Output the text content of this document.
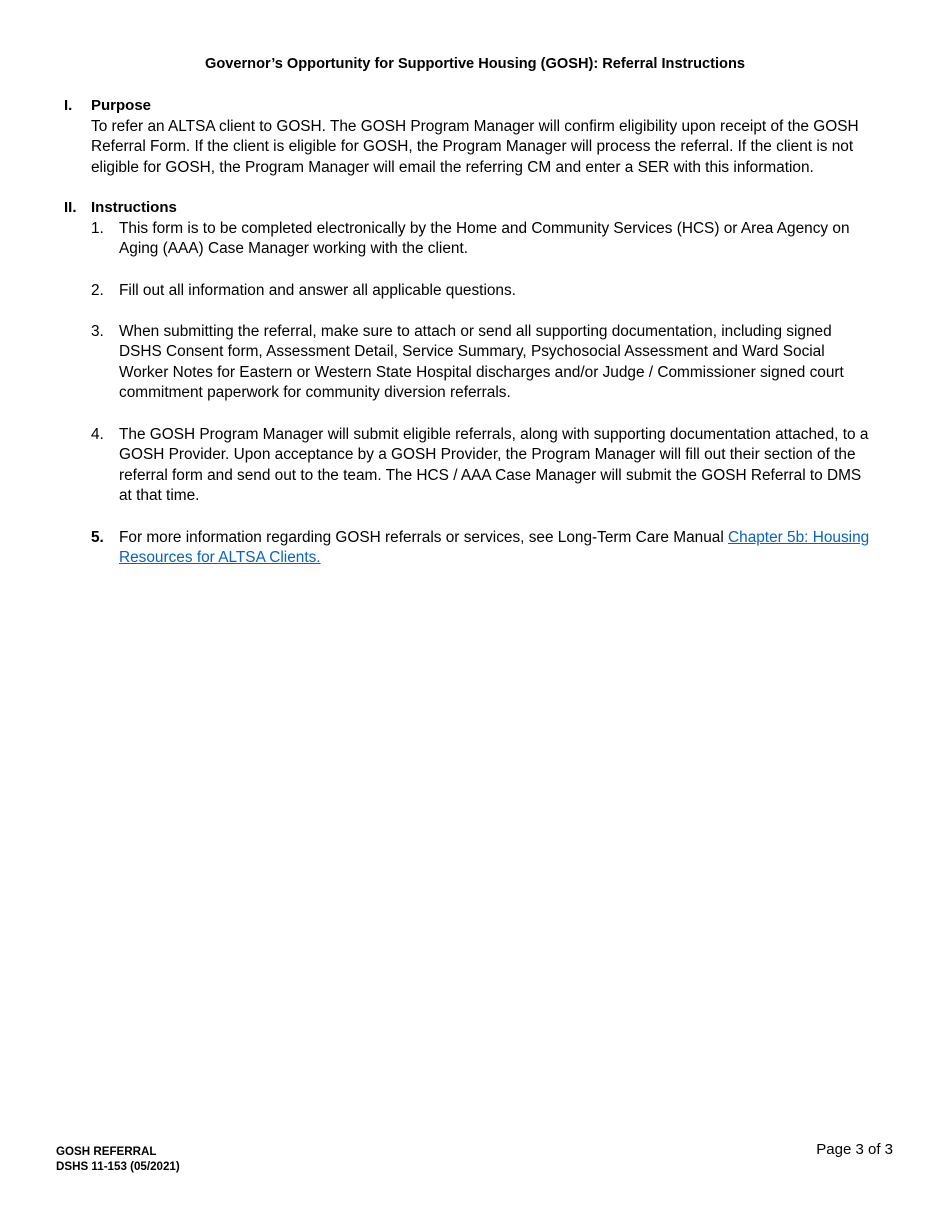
Governor’s Opportunity for Supportive Housing (GOSH): Referral Instructions
I. Purpose
To refer an ALTSA client to GOSH. The GOSH Program Manager will confirm eligibility upon receipt of the GOSH
Referral Form. If the client is eligible for GOSH, the Program Manager will process the referral. If the client is not
eligible for GOSH, the Program Manager will email the referring CM and enter a SER with this information.
II. Instructions
1. This form is to be completed electronically by the Home and Community Services (HCS) or Area Agency on
Aging (AAA) Case Manager working with the client.
2. Fill out all information and answer all applicable questions.
3. When submitting the referral, make sure to attach or send all supporting documentation, including signed
DSHS Consent form, Assessment Detail, Service Summary, Psychosocial Assessment and Ward Social
Worker Notes for Eastern or Western State Hospital discharges and/or Judge / Commissioner signed court
commitment paperwork for community diversion referrals.
4. The GOSH Program Manager will submit eligible referrals, along with supporting documentation attached, to a
GOSH Provider. Upon acceptance by a GOSH Provider, the Program Manager will fill out their section of the
referral form and send out to the team. The HCS / AAA Case Manager will submit the GOSH Referral to DMS
at that time.
5. For more information regarding GOSH referrals or services, see Long-Term Care Manual Chapter 5b: Housing
Resources for ALTSA Clients.
GOSH REFERRAL
DSHS 11-153 (05/2021)
Page 3 of 3
